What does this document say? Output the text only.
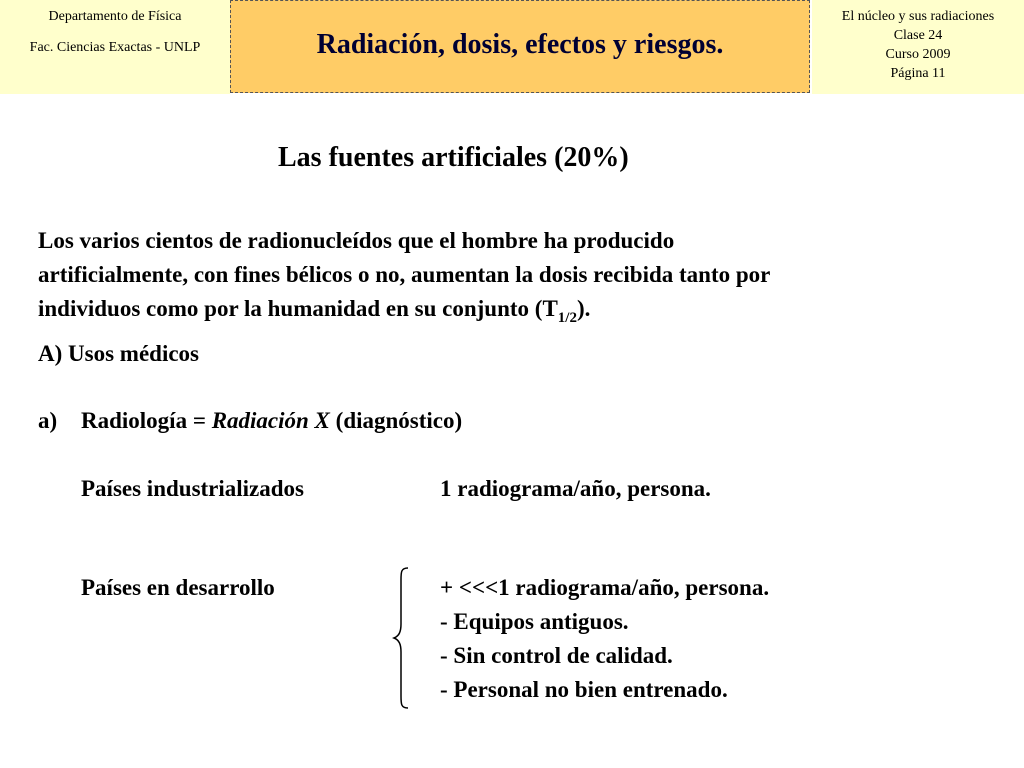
Departamento de Física
Fac. Ciencias Exactas - UNLP	Radiación, dosis, efectos y riesgos.
El núcleo y sus radiaciones
Clase 24
Curso 2009
Página 11
Las fuentes artificiales (20%)
Los varios cientos de radionucleídos que el hombre ha producido
artificialmente, con fines bélicos o no, aumentan la dosis recibida tanto por
individuos como por la humanidad en su conjunto $(T_{1/2})$.
A) Usos médicos
a) Radiología = Radiación X (diagnóstico)
Países industrializados	1 radiograma/año, persona.
Países en desarrollo	+ <<<1 radiograma/año, persona.
- Equipos antiguos.
- Sin control de calidad.
- Personal no bien entrenado.
